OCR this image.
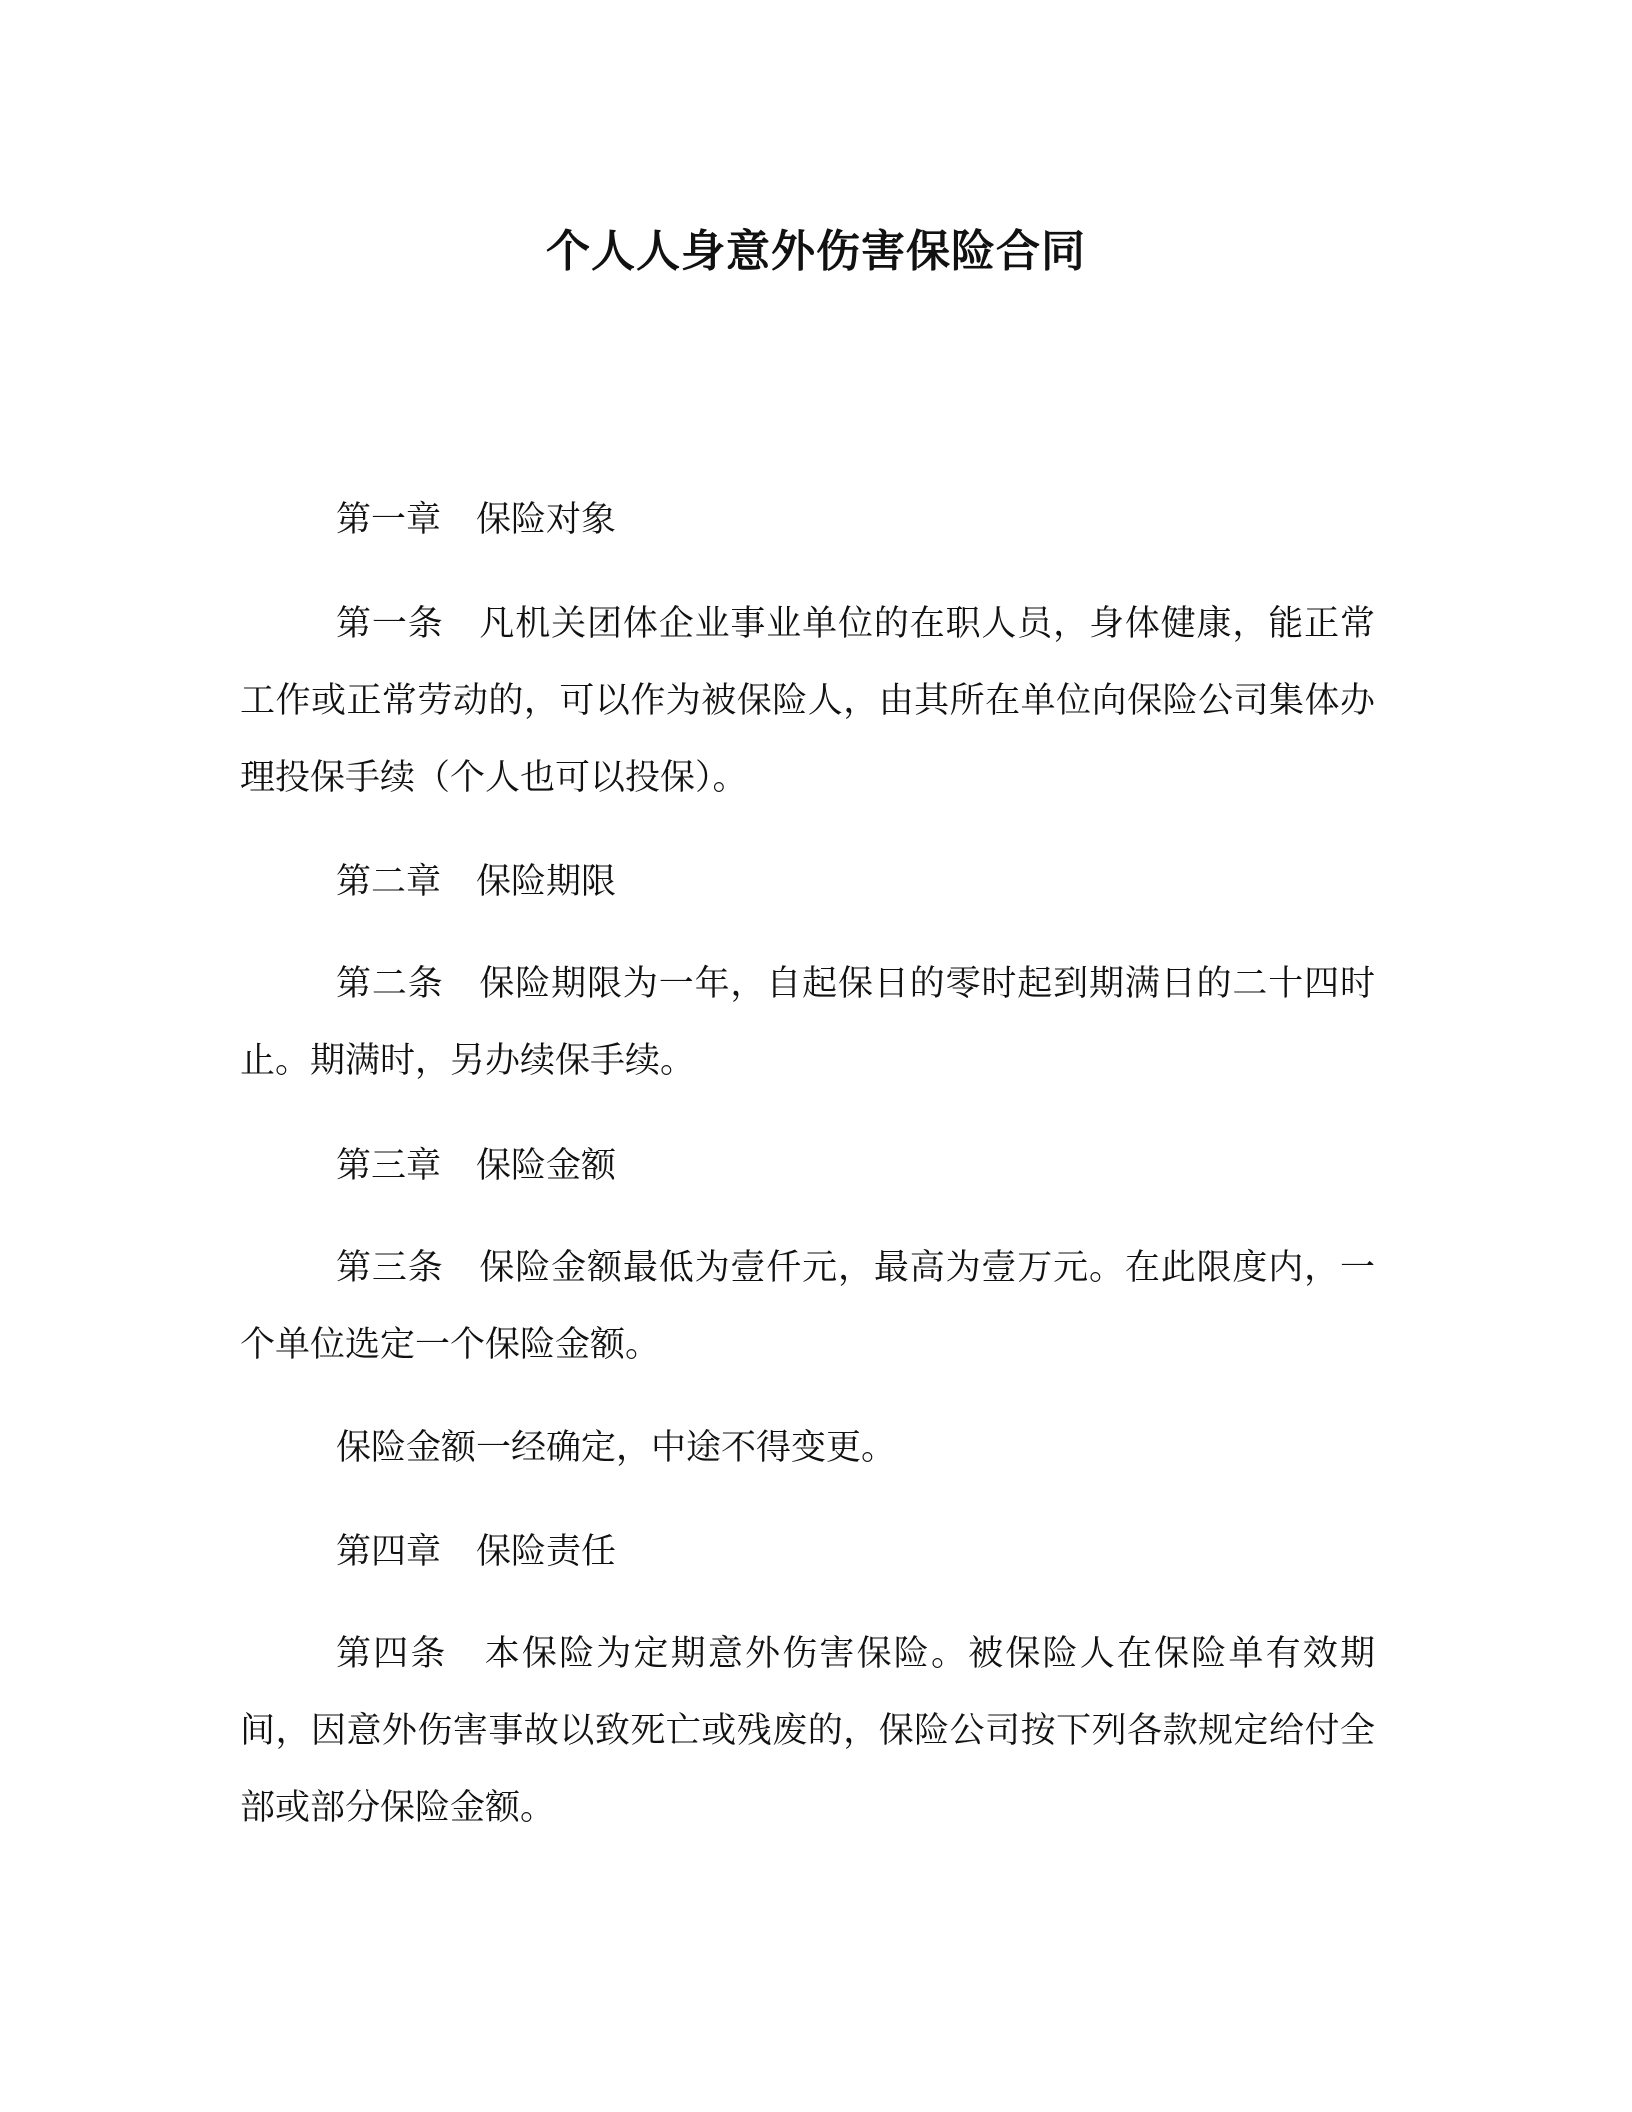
个人人身意外伤害保险合同

第一章　保险对象

第一条　凡机关团体企业事业单位的在职人员，身体健康，能正常工作或正常劳动的，可以作为被保险人，由其所在单位向保险公司集体办理投保手续（个人也可以投保）。

第二章　保险期限

第二条　保险期限为一年，自起保日的零时起到期满日的二十四时止。期满时，另办续保手续。

第三章　保险金额

第三条　保险金额最低为壹仟元，最高为壹万元。在此限度内，一个单位选定一个保险金额。

保险金额一经确定，中途不得变更。

第四章　保险责任

第四条　本保险为定期意外伤害保险。被保险人在保险单有效期间，因意外伤害事故以致死亡或残废的，保险公司按下列各款规定给付全部或部分保险金额。
